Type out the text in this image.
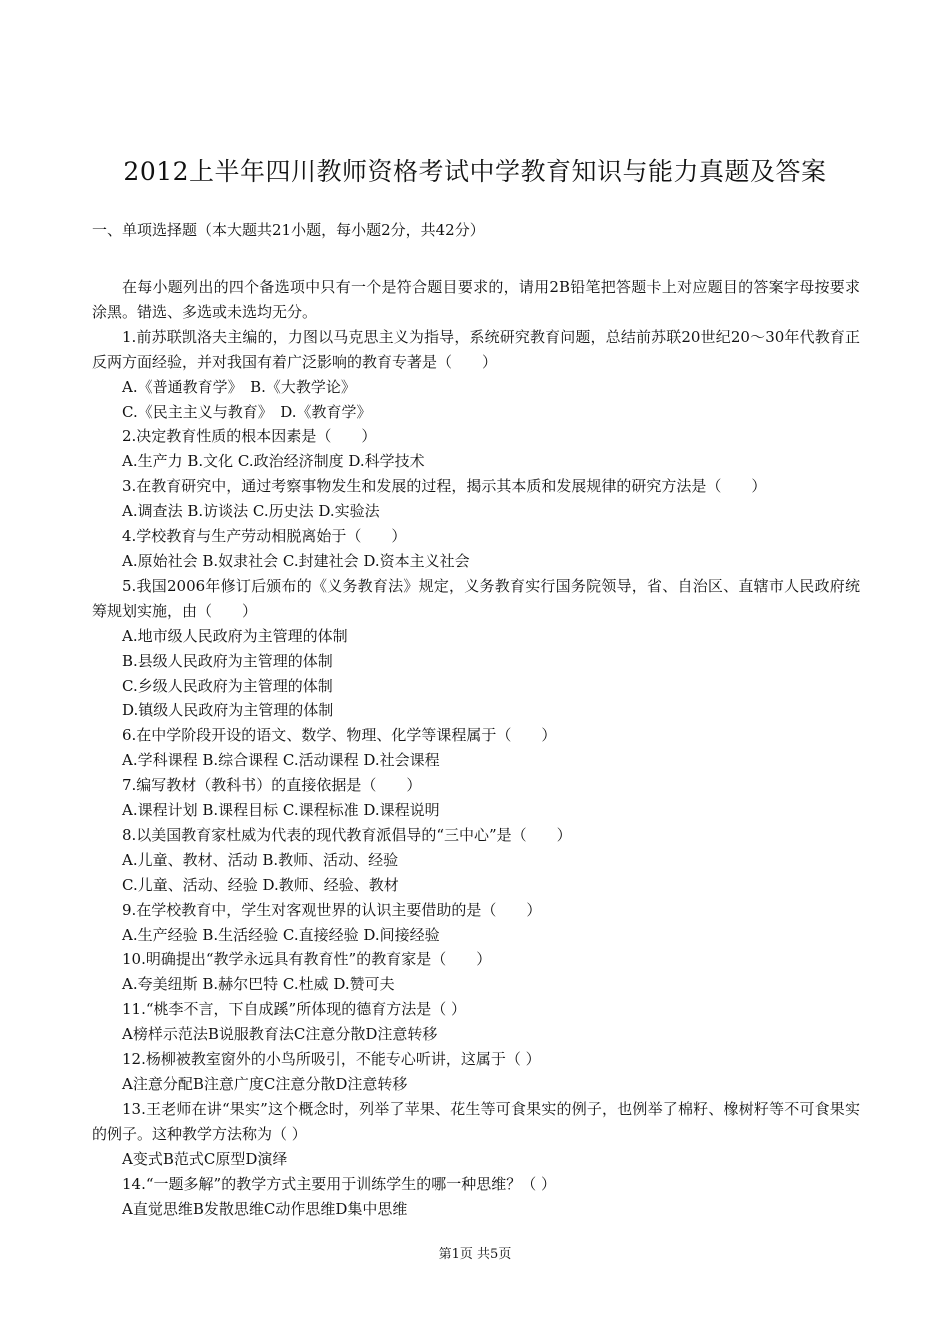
2012上半年四川教师资格考试中学教育知识与能力真题及答案
一、单项选择题（本大题共21小题，每小题2分，共42分）

在每小题列出的四个备选项中只有一个是符合题目要求的，请用2B铅笔把答题卡上对应题目的答案字母按要求涂黑。错选、多选或未选均无分。

1.前苏联凯洛夫主编的，力图以马克思主义为指导，系统研究教育问题，总结前苏联20世纪20～30年代教育正反两方面经验，并对我国有着广泛影响的教育专著是（　　）

A.《普通教育学》　B.《大教学论》

C.《民主主义与教育》　D.《教育学》

2.决定教育性质的根本因素是（　　）

A.生产力 B.文化 C.政治经济制度 D.科学技术

3.在教育研究中，通过考察事物发生和发展的过程，揭示其本质和发展规律的研究方法是（　　）

A.调查法 B.访谈法 C.历史法 D.实验法

4.学校教育与生产劳动相脱离始于（　　）

A.原始社会 B.奴隶社会 C.封建社会 D.资本主义社会

5.我国2006年修订后颁布的《义务教育法》规定，义务教育实行国务院领导，省、自治区、直辖市人民政府统筹规划实施，由（　　）

A.地市级人民政府为主管理的体制

B.县级人民政府为主管理的体制

C.乡级人民政府为主管理的体制

D.镇级人民政府为主管理的体制

6.在中学阶段开设的语文、数学、物理、化学等课程属于（　　）

A.学科课程 B.综合课程 C.活动课程 D.社会课程

7.编写教材（教科书）的直接依据是（　　）

A.课程计划 B.课程目标 C.课程标准 D.课程说明

8.以美国教育家杜威为代表的现代教育派倡导的“三中心”是（　　）

A.儿童、教材、活动 B.教师、活动、经验

C.儿童、活动、经验 D.教师、经验、教材

9.在学校教育中，学生对客观世界的认识主要借助的是（　　）

A.生产经验 B.生活经验 C.直接经验 D.间接经验

10.明确提出“教学永远具有教育性”的教育家是（　　）

A.夸美纽斯 B.赫尔巴特 C.杜威 D.赞可夫

11.“桃李不言，下自成蹊”所体现的德育方法是（ ）

A榜样示范法B说服教育法C注意分散D注意转移

12.杨柳被教室窗外的小鸟所吸引，不能专心听讲，这属于（ ）

A注意分配B注意广度C注意分散D注意转移

13.王老师在讲“果实”这个概念时，列举了苹果、花生等可食果实的例子，也例举了棉籽、橡树籽等不可食果实的例子。这种教学方法称为（ ）

A变式B范式C原型D演绎

14.“一题多解”的教学方式主要用于训练学生的哪一种思维？（ ）

A直觉思维B发散思维C动作思维D集中思维

第1页 共5页
